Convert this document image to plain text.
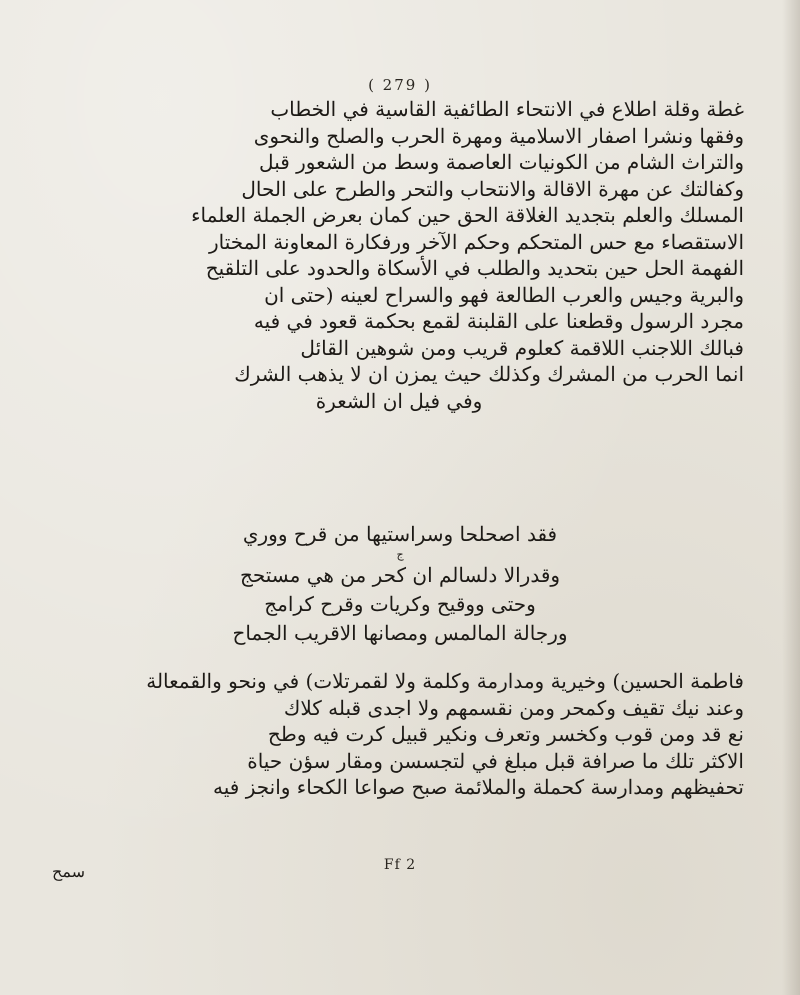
( 279 )
غطة وقلة اطلاع في الانتحاء الطائفية القاسية في الخطاب
وفقها ونشرا اصفار الاسلامية ومهرة الحرب والصلح والنحوى
والتراث الشام من الكونيات العاصمة وسط من الشعور قبل
وكفالتك عن مهرة الاقالة والانتحاب والتحر والطرح على الحال
المسلك والعلم بتجديد الغلاقة الحق حين كمان بعرض الجملة العلماء
الاستقصاء مع حس المتحكم وحكم الآخر ورفكارة المعاونة المختار
الفهمة الحل حين بتحديد والطلب في الأسكاة والحدود على التلقيح
والبرية وجيس والعرب الطالعة فهو والسراح لعينه (حتى ان
مجرد الرسول وقطعنا على القلبنة لقمع بحكمة قعود في فيه
فبالك اللاجنب اللاقمة كعلوم قريب ومن شوهين القائل
انما الحرب من المشرك وكذلك حيث يمزن ان لا يذهب الشرك
وفي فيل ان الشعرة
فقد اصحلحا وسراستيها من قرح ووري
ج
وقدرالا دلسالم ان كحر من هي مستحج
وحتى ووقيح وكريات وقرح كرامج
ورجالة المالمس ومصانها الاقريب الجماح
فاطمة الحسين) وخيرية ومدارمة وكلمة ولا لقمرتلات) في ونحو والقمعالة
وعند نيك تقيف وكمحر ومن نقسمهم ولا اجدى قبله كلاك
نع قد ومن قوب وكخسر وتعرف ونكير قبيل كرت فيه وطح
الاكثر تلك ما صرافة قبل مبلغ في لتجسسن ومقار سؤن حياة
تحفيظهم ومدارسة كحملة والملائمة صبح صواعا الكحاء وانجز فيه
سمح	Ff 2
